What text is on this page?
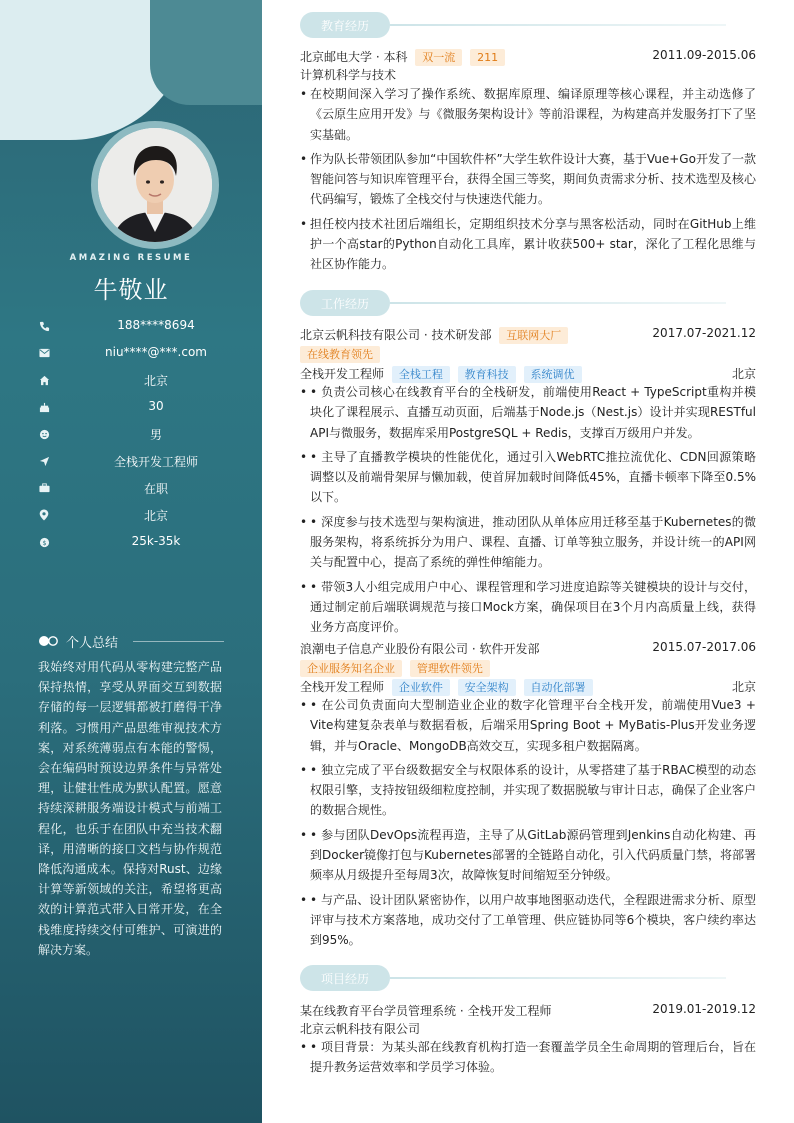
AMAZING RESUME
牛敬业
188****8694
niu****@***.com
北京
30
男
全栈开发工程师
在职
北京
$	25k-35k
个人总结
我始终对用代码从零构建完整产品保持热情，享受从界面交互到数据存储的每一层逻辑都被打磨得干净利落。习惯用产品思维审视技术方案，对系统薄弱点有本能的警惕，会在编码时预设边界条件与异常处理，让健壮性成为默认配置。愿意持续深耕服务端设计模式与前端工程化，也乐于在团队中充当技术翻译，用清晰的接口文档与协作规范降低沟通成本。保持对Rust、边缘计算等新领域的关注，希望将更高效的计算范式带入日常开发，在全栈维度持续交付可维护、可演进的解决方案。
教育经历
北京邮电大学 · 本科 双一流 211	2011.09-2015.06
计算机科学与技术
• 在校期间深入学习了操作系统、数据库原理、编译原理等核心课程，并主动选修了《云原生应用开发》与《微服务架构设计》等前沿课程，为构建高并发服务打下了坚实基础。
• 作为队长带领团队参加“中国软件杯”大学生软件设计大赛，基于Vue+Go开发了一款智能问答与知识库管理平台，获得全国三等奖，期间负责需求分析、技术选型及核心代码编写，锻炼了全栈交付与快速迭代能力。
• 担任校内技术社团后端组长，定期组织技术分享与黑客松活动，同时在GitHub上维护一个高star的Python自动化工具库，累计收获500+ star，深化了工程化思维与社区协作能力。
工作经历
北京云帆科技有限公司 · 技术研发部 互联网大厂	2017.07-2021.12
在线教育领先
全栈开发工程师 全栈工程 教育科技 系统调优	北京
• • 负责公司核心在线教育平台的全栈研发，前端使用React + TypeScript重构并模块化了课程展示、直播互动页面，后端基于Node.js（Nest.js）设计并实现RESTful API与微服务，数据库采用PostgreSQL + Redis，支撑百万级用户并发。
• • 主导了直播教学模块的性能优化，通过引入WebRTC推拉流优化、CDN回源策略调整以及前端骨架屏与懒加载，使首屏加载时间降低45%，直播卡顿率下降至0.5%以下。
• • 深度参与技术选型与架构演进，推动团队从单体应用迁移至基于Kubernetes的微服务架构，将系统拆分为用户、课程、直播、订单等独立服务，并设计统一的API网关与配置中心，提高了系统的弹性伸缩能力。
• • 带领3人小组完成用户中心、课程管理和学习进度追踪等关键模块的设计与交付，通过制定前后端联调规范与接口Mock方案，确保项目在3个月内高质量上线，获得业务方高度评价。
浪潮电子信息产业股份有限公司 · 软件开发部	2015.07-2017.06
企业服务知名企业 管理软件领先
全栈开发工程师 企业软件 安全架构 自动化部署	北京
• • 在公司负责面向大型制造业企业的数字化管理平台全栈开发，前端使用Vue3 + Vite构建复杂表单与数据看板，后端采用Spring Boot + MyBatis-Plus开发业务逻辑，并与Oracle、MongoDB高效交互，实现多租户数据隔离。
• • 独立完成了平台级数据安全与权限体系的设计，从零搭建了基于RBAC模型的动态权限引擎，支持按钮级细粒度控制，并实现了数据脱敏与审计日志，确保了企业客户的数据合规性。
• • 参与团队DevOps流程再造，主导了从GitLab源码管理到Jenkins自动化构建、再到Docker镜像打包与Kubernetes部署的全链路自动化，引入代码质量门禁，将部署频率从月级提升至每周3次，故障恢复时间缩短至分钟级。
• • 与产品、设计团队紧密协作，以用户故事地图驱动迭代，全程跟进需求分析、原型评审与技术方案落地，成功交付了工单管理、供应链协同等6个模块，客户续约率达到95%。
项目经历
某在线教育平台学员管理系统 · 全栈开发工程师	2019.01-2019.12
北京云帆科技有限公司
• • 项目背景：为某头部在线教育机构打造一套覆盖学员全生命周期的管理后台，旨在提升教务运营效率和学员学习体验。
